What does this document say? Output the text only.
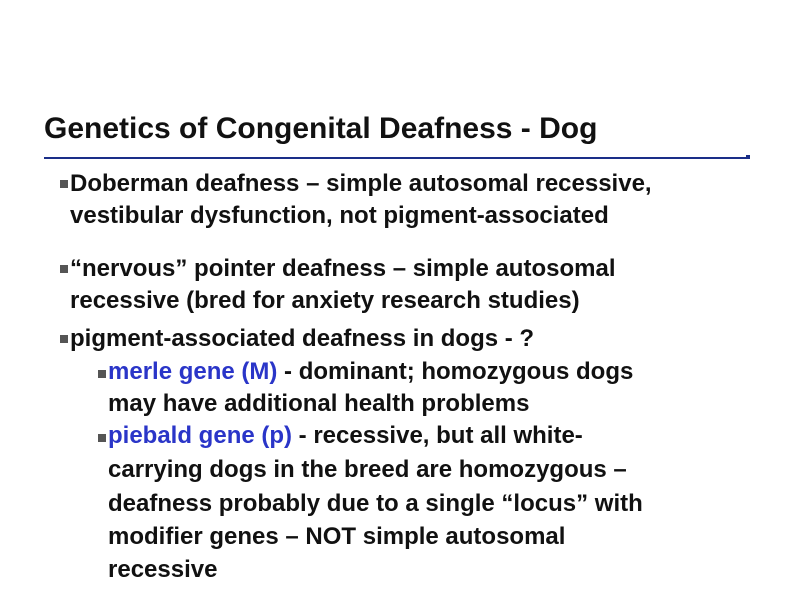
Genetics of Congenital Deafness - Dog
Doberman deafness – simple autosomal recessive,
vestibular dysfunction, not pigment-associated
“nervous” pointer deafness – simple autosomal
recessive (bred for anxiety research studies)
pigment-associated deafness in dogs - ?
merle gene (M) - dominant; homozygous dogs
may have additional health problems
piebald gene (p) - recessive, but all white-
carrying dogs in the breed are homozygous –
deafness probably due to a single “locus” with
modifier genes – NOT simple autosomal
recessive
